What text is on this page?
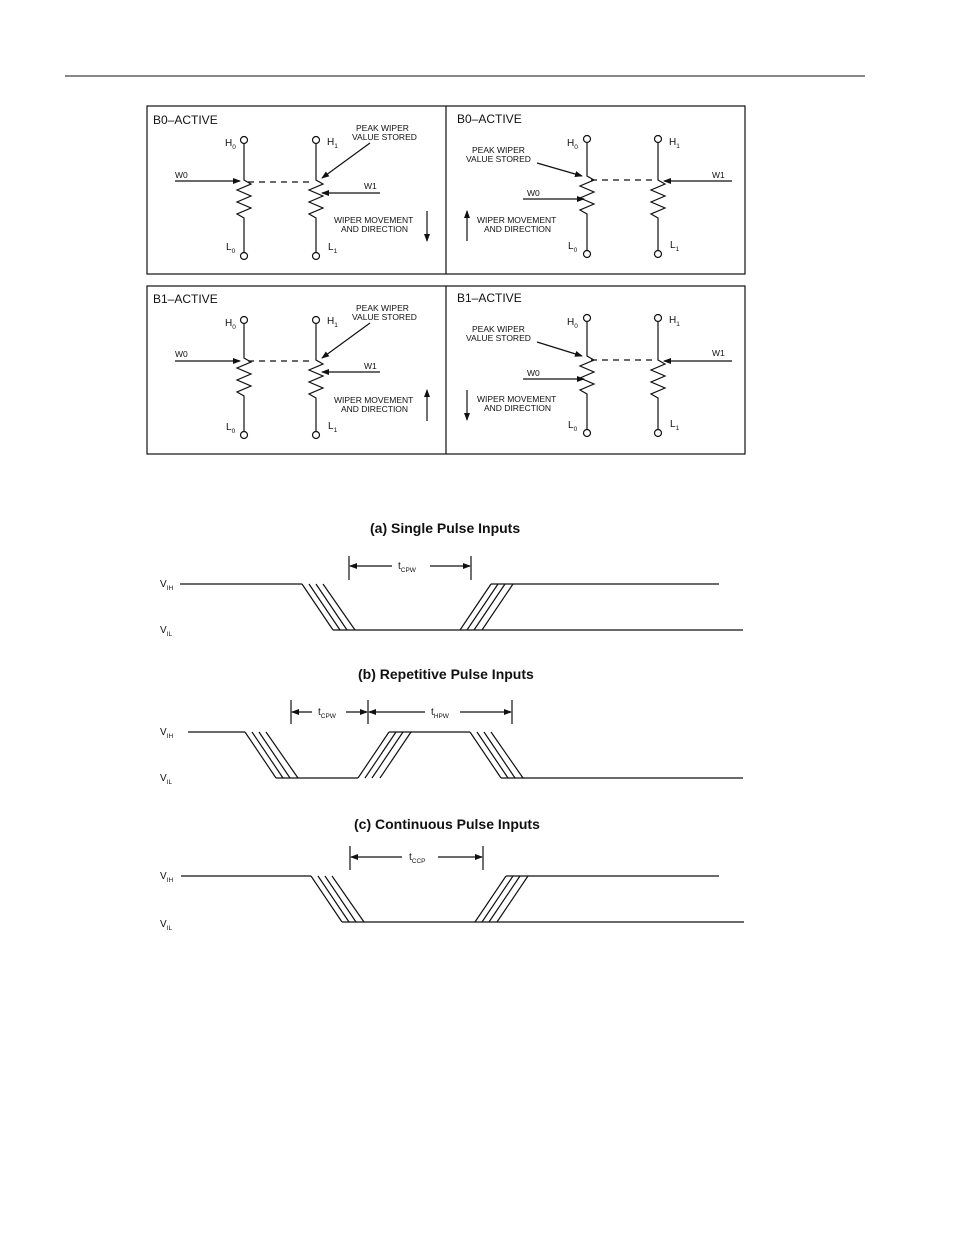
B0–ACTIVE
$H_0$
$L_0$
W0
$H_1$
$L_1$
W1
PEAK WIPER
VALUE STORED
WIPER MOVEMENT
AND DIRECTION
B0–ACTIVE
$H_0$
$L_0$
$H_1$
$L_1$
W1
W0
PEAK WIPER
VALUE STORED
WIPER MOVEMENT
AND DIRECTION
B1–ACTIVE
$H_0$
$L_0$
W0
$H_1$
$L_1$
W1
PEAK WIPER
VALUE STORED
WIPER MOVEMENT
AND DIRECTION
B1–ACTIVE
$H_0$
$L_0$
$H_1$
$L_1$
W1
W0
PEAK WIPER
VALUE STORED
WIPER MOVEMENT
AND DIRECTION
(a) Single Pulse Inputs
$V_{IH}$
$V_{IL}$
$t_{CPW}$
(b) Repetitive Pulse Inputs
$V_{IH}$
$V_{IL}$
$t_{CPW}$	$t_{HPW}$
(c) Continuous Pulse Inputs
$V_{IH}$
$V_{IL}$
$t_{CCP}$
